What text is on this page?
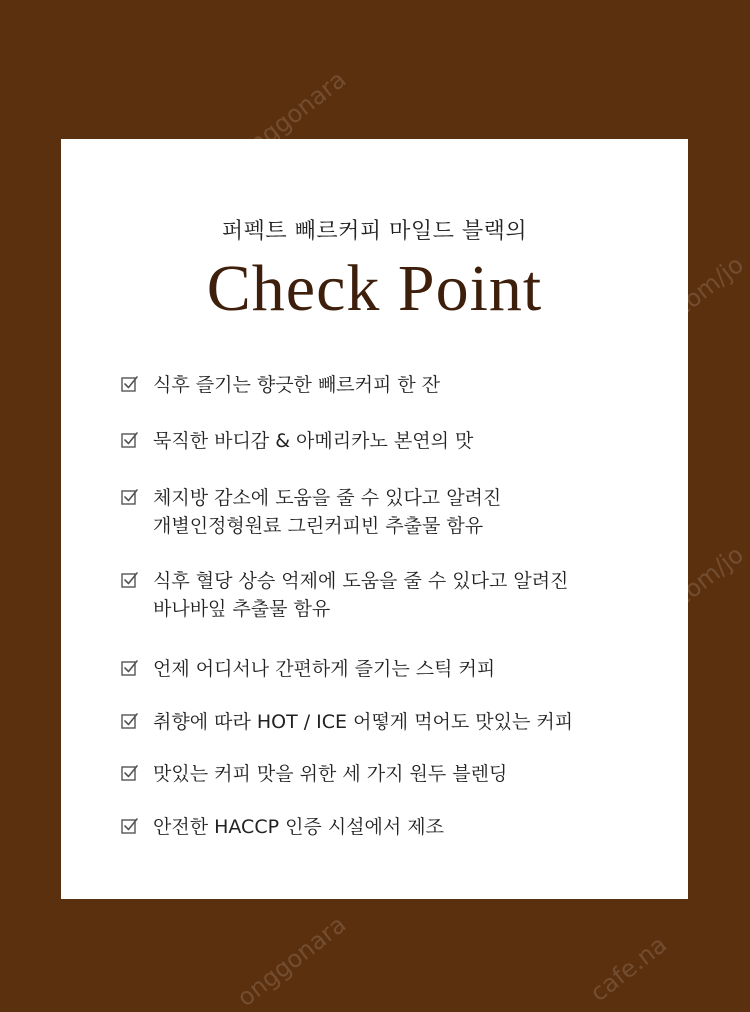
onggonara
onggonara
com/jo
com/jo
cafe.na
퍼펙트 빼르커피 마일드 블랙의
Check Point
식후 즐기는 향긋한 빼르커피 한 잔
묵직한 바디감 & 아메리카노 본연의 맛
체지방 감소에 도움을 줄 수 있다고 알려진
개별인정형원료 그린커피빈 추출물 함유
식후 혈당 상승 억제에 도움을 줄 수 있다고 알려진
바나바잎 추출물 함유
언제 어디서나 간편하게 즐기는 스틱 커피
취향에 따라 HOT / ICE 어떻게 먹어도 맛있는 커피
맛있는 커피 맛을 위한 세 가지 원두 블렌딩
안전한 HACCP 인증 시설에서 제조
